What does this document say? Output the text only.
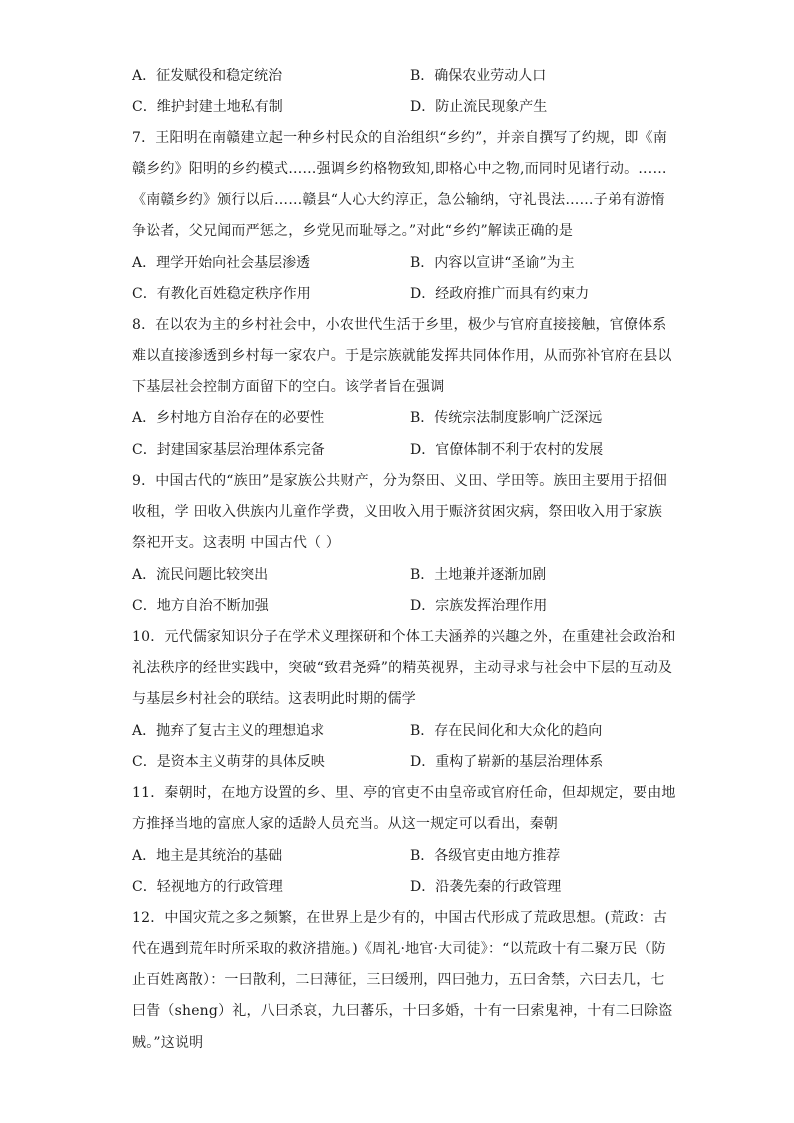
A．征发赋役和稳定统治	B．确保农业劳动人口
C．维护封建土地私有制	D．防止流民现象产生
7．王阳明在南赣建立起一种乡村民众的自治组织“乡约”，并亲自撰写了约规，即《南
赣乡约》阳明的乡约模式……强调乡约格物致知,即格心中之物,而同时见诸行动。……
《南赣乡约》颁行以后……赣县“人心大约淳正，急公输纳，守礼畏法……子弟有游惰
争讼者，父兄闻而严惩之，乡党见而耻辱之。”对此“乡约”解读正确的是
A．理学开始向社会基层渗透	B．内容以宣讲“圣谕”为主
C．有教化百姓稳定秩序作用	D．经政府推广而具有约束力
8．在以农为主的乡村社会中，小农世代生活于乡里，极少与官府直接接触，官僚体系
难以直接渗透到乡村每一家农户。于是宗族就能发挥共同体作用，从而弥补官府在县以
下基层社会控制方面留下的空白。该学者旨在强调
A．乡村地方自治存在的必要性	B．传统宗法制度影响广泛深远
C．封建国家基层治理体系完备	D．官僚体制不利于农村的发展
9．中国古代的“族田”是家族公共财产，分为祭田、义田、学田等。族田主要用于招佃
收租，学 田收入供族内儿童作学费，义田收入用于赈济贫困灾病，祭田收入用于家族
祭祀开支。这表明 中国古代（ ）
A．流民问题比较突出	B．土地兼并逐渐加剧
C．地方自治不断加强	D．宗族发挥治理作用
10．元代儒家知识分子在学术义理探研和个体工夫涵养的兴趣之外，在重建社会政治和
礼法秩序的经世实践中，突破“致君尧舜”的精英视界，主动寻求与社会中下层的互动及
与基层乡村社会的联结。这表明此时期的儒学
A．抛弃了复古主义的理想追求	B．存在民间化和大众化的趋向
C．是资本主义萌芽的具体反映	D．重构了崭新的基层治理体系
11．秦朝时，在地方设置的乡、里、亭的官吏不由皇帝或官府任命，但却规定，要由地
方推择当地的富庶人家的适龄人员充当。从这一规定可以看出，秦朝
A．地主是其统治的基础	B．各级官吏由地方推荐
C．轻视地方的行政管理	D．沿袭先秦的行政管理
12．中国灾荒之多之频繁，在世界上是少有的，中国古代形成了荒政思想。(荒政：古
代在遇到荒年时所采取的救济措施。)《周礼·地官·大司徒》：“以荒政十有二聚万民（防
止百姓离散）：一曰散利，二曰薄征，三曰缓刑，四曰弛力，五曰舍禁，六曰去几，七
曰眚（sheng）礼，八曰杀哀，九曰蕃乐，十曰多婚，十有一曰索鬼神，十有二曰除盗
贼。”这说明
